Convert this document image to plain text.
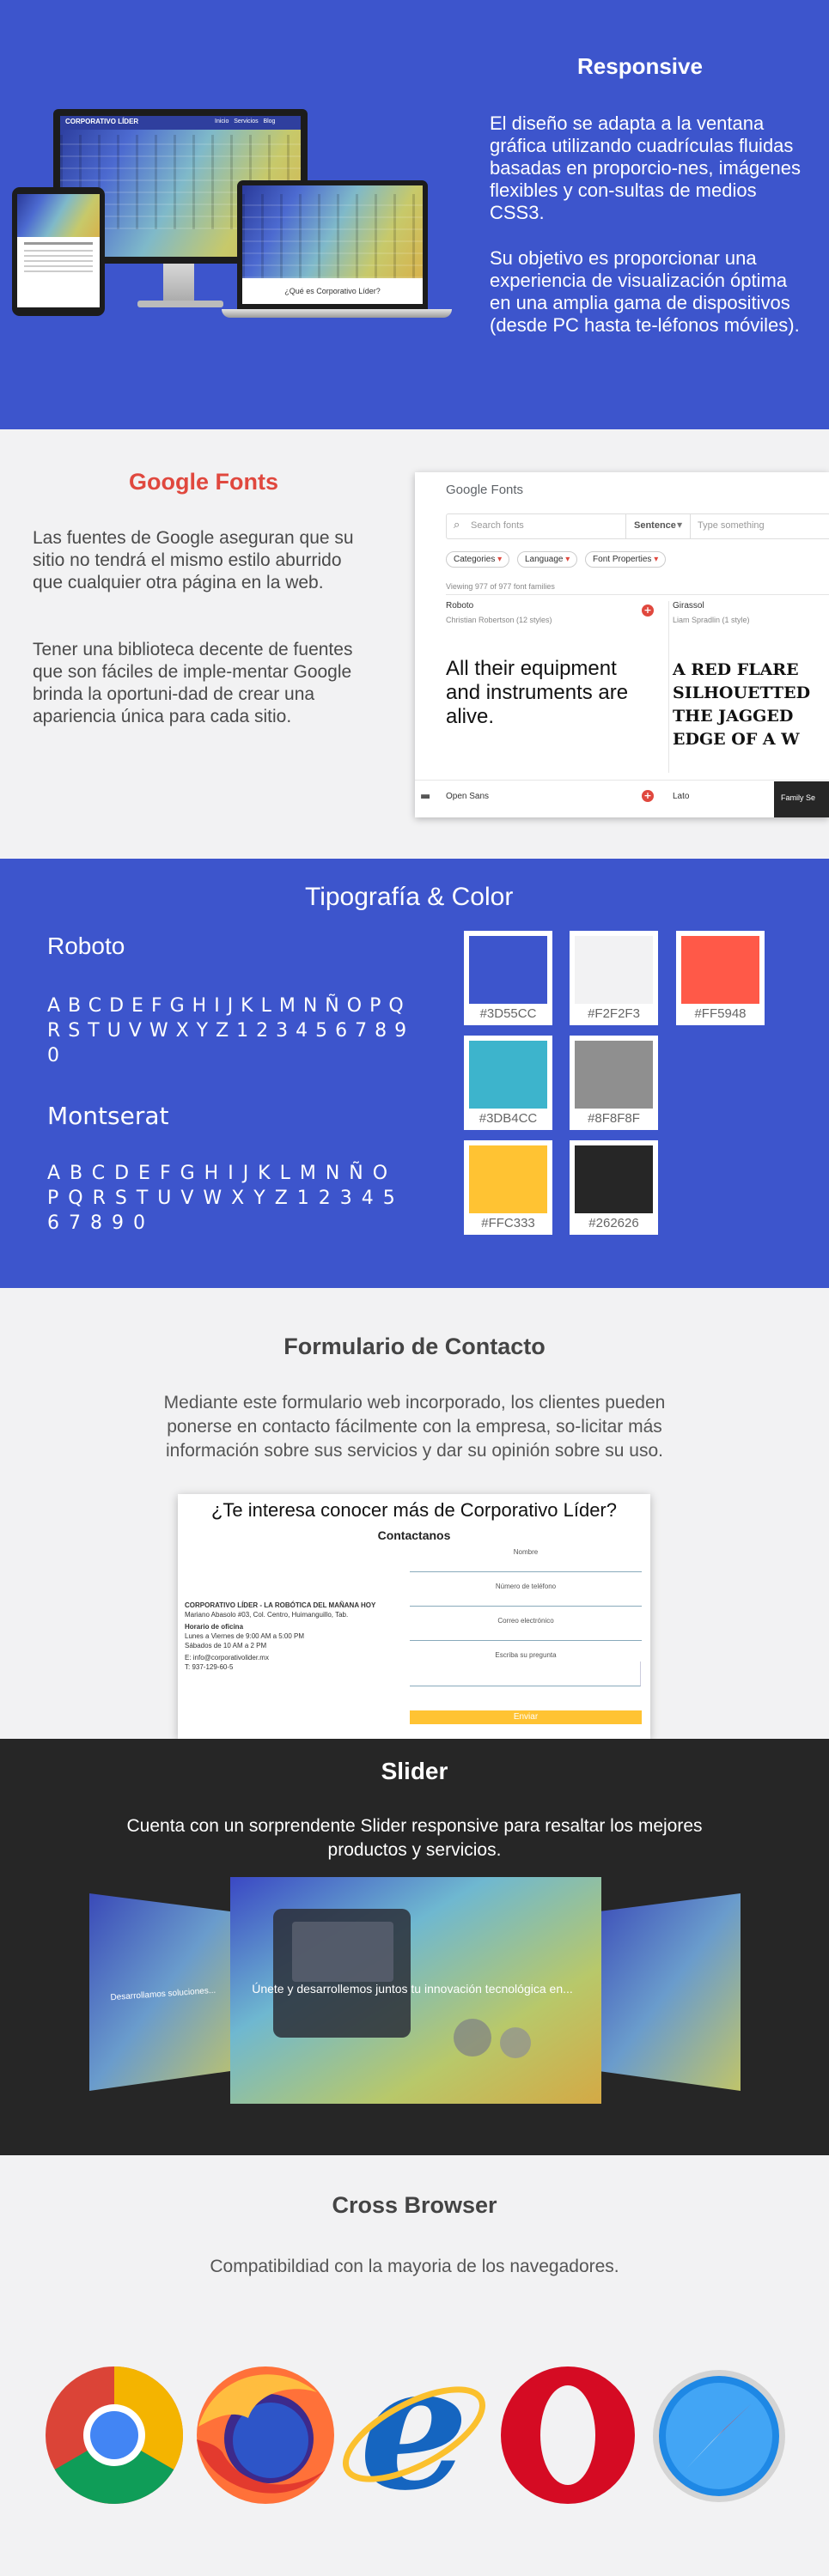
CORPORATIVO LÍDER	Inicio Servicios Blog
¿Qué es Corporativo Líder?
Responsive

El diseño se adapta a la ventana gráfica utilizando cuadrículas fluidas basadas en proporcio-nes, imágenes flexibles y con-sultas de medios CSS3.

Su objetivo es proporcionar una experiencia de visualización óptima en una amplia gama de dispositivos (desde PC hasta te-léfonos móviles).

Google Fonts

Las fuentes de Google aseguran que su sitio no tendrá el mismo estilo aburrido que cualquier otra página en la web.

Tener una biblioteca decente de fuentes que son fáciles de imple-mentar Google brinda la oportuni-dad de crear una apariencia única para cada sitio.

Google Fonts
⌕ Search fonts	Sentence ▼ Type something
Categories ▾	Language ▾	Font Properties ▾
Viewing 977 of 977 font families
Roboto
Christian Robertson (12 styles)
All their equipment and instruments are alive.
+ Girassol
Liam Spradlin (1 style)
A RED FLARE SILHOUETTED THE JAGGED EDGE OF A W
▬ Open Sans	+ Lato	Family Se
Tipografía & Color
Roboto
ABCDEFGHIJKLMNÑOPQRSTUVWXYZ1234567890
Montserat
ABCDEFGHIJKLMNÑOPQRSTUVWXYZ1234567890
#3D55CC	#F2F2F3	#FF5948
#3DB4CC	#8F8F8F
#FFC333	#262626
Formulario de Contacto
Mediante este formulario web incorporado, los clientes pueden ponerse en contacto fácilmente con la empresa, so-licitar más información sobre sus servicios y dar su opinión sobre su uso.
¿Te interesa conocer más de Corporativo Líder?
Contactanos
CORPORATIVO LÍDER - LA ROBÓTICA DEL MAÑANA HOY
Mariano Abasolo #03, Col. Centro, Huimanguillo, Tab.
Horario de oficina
Lunes a Viernes de 9:00 AM a 5:00 PM
Sábados de 10 AM a 2 PM
E: info@corporativolider.mx
T: 937-129-60-5
Nombre
Número de teléfono
Correo electrónico
Escriba su pregunta
Enviar
Slider
Cuenta con un sorprendente Slider responsive para resaltar los mejores productos y servicios.
Únete y desarrollemos juntos tu innovación tecnológica en...
Desarrollamos soluciones...
Cross Browser
Compatibildiad con la mayoria de los navegadores.
e
